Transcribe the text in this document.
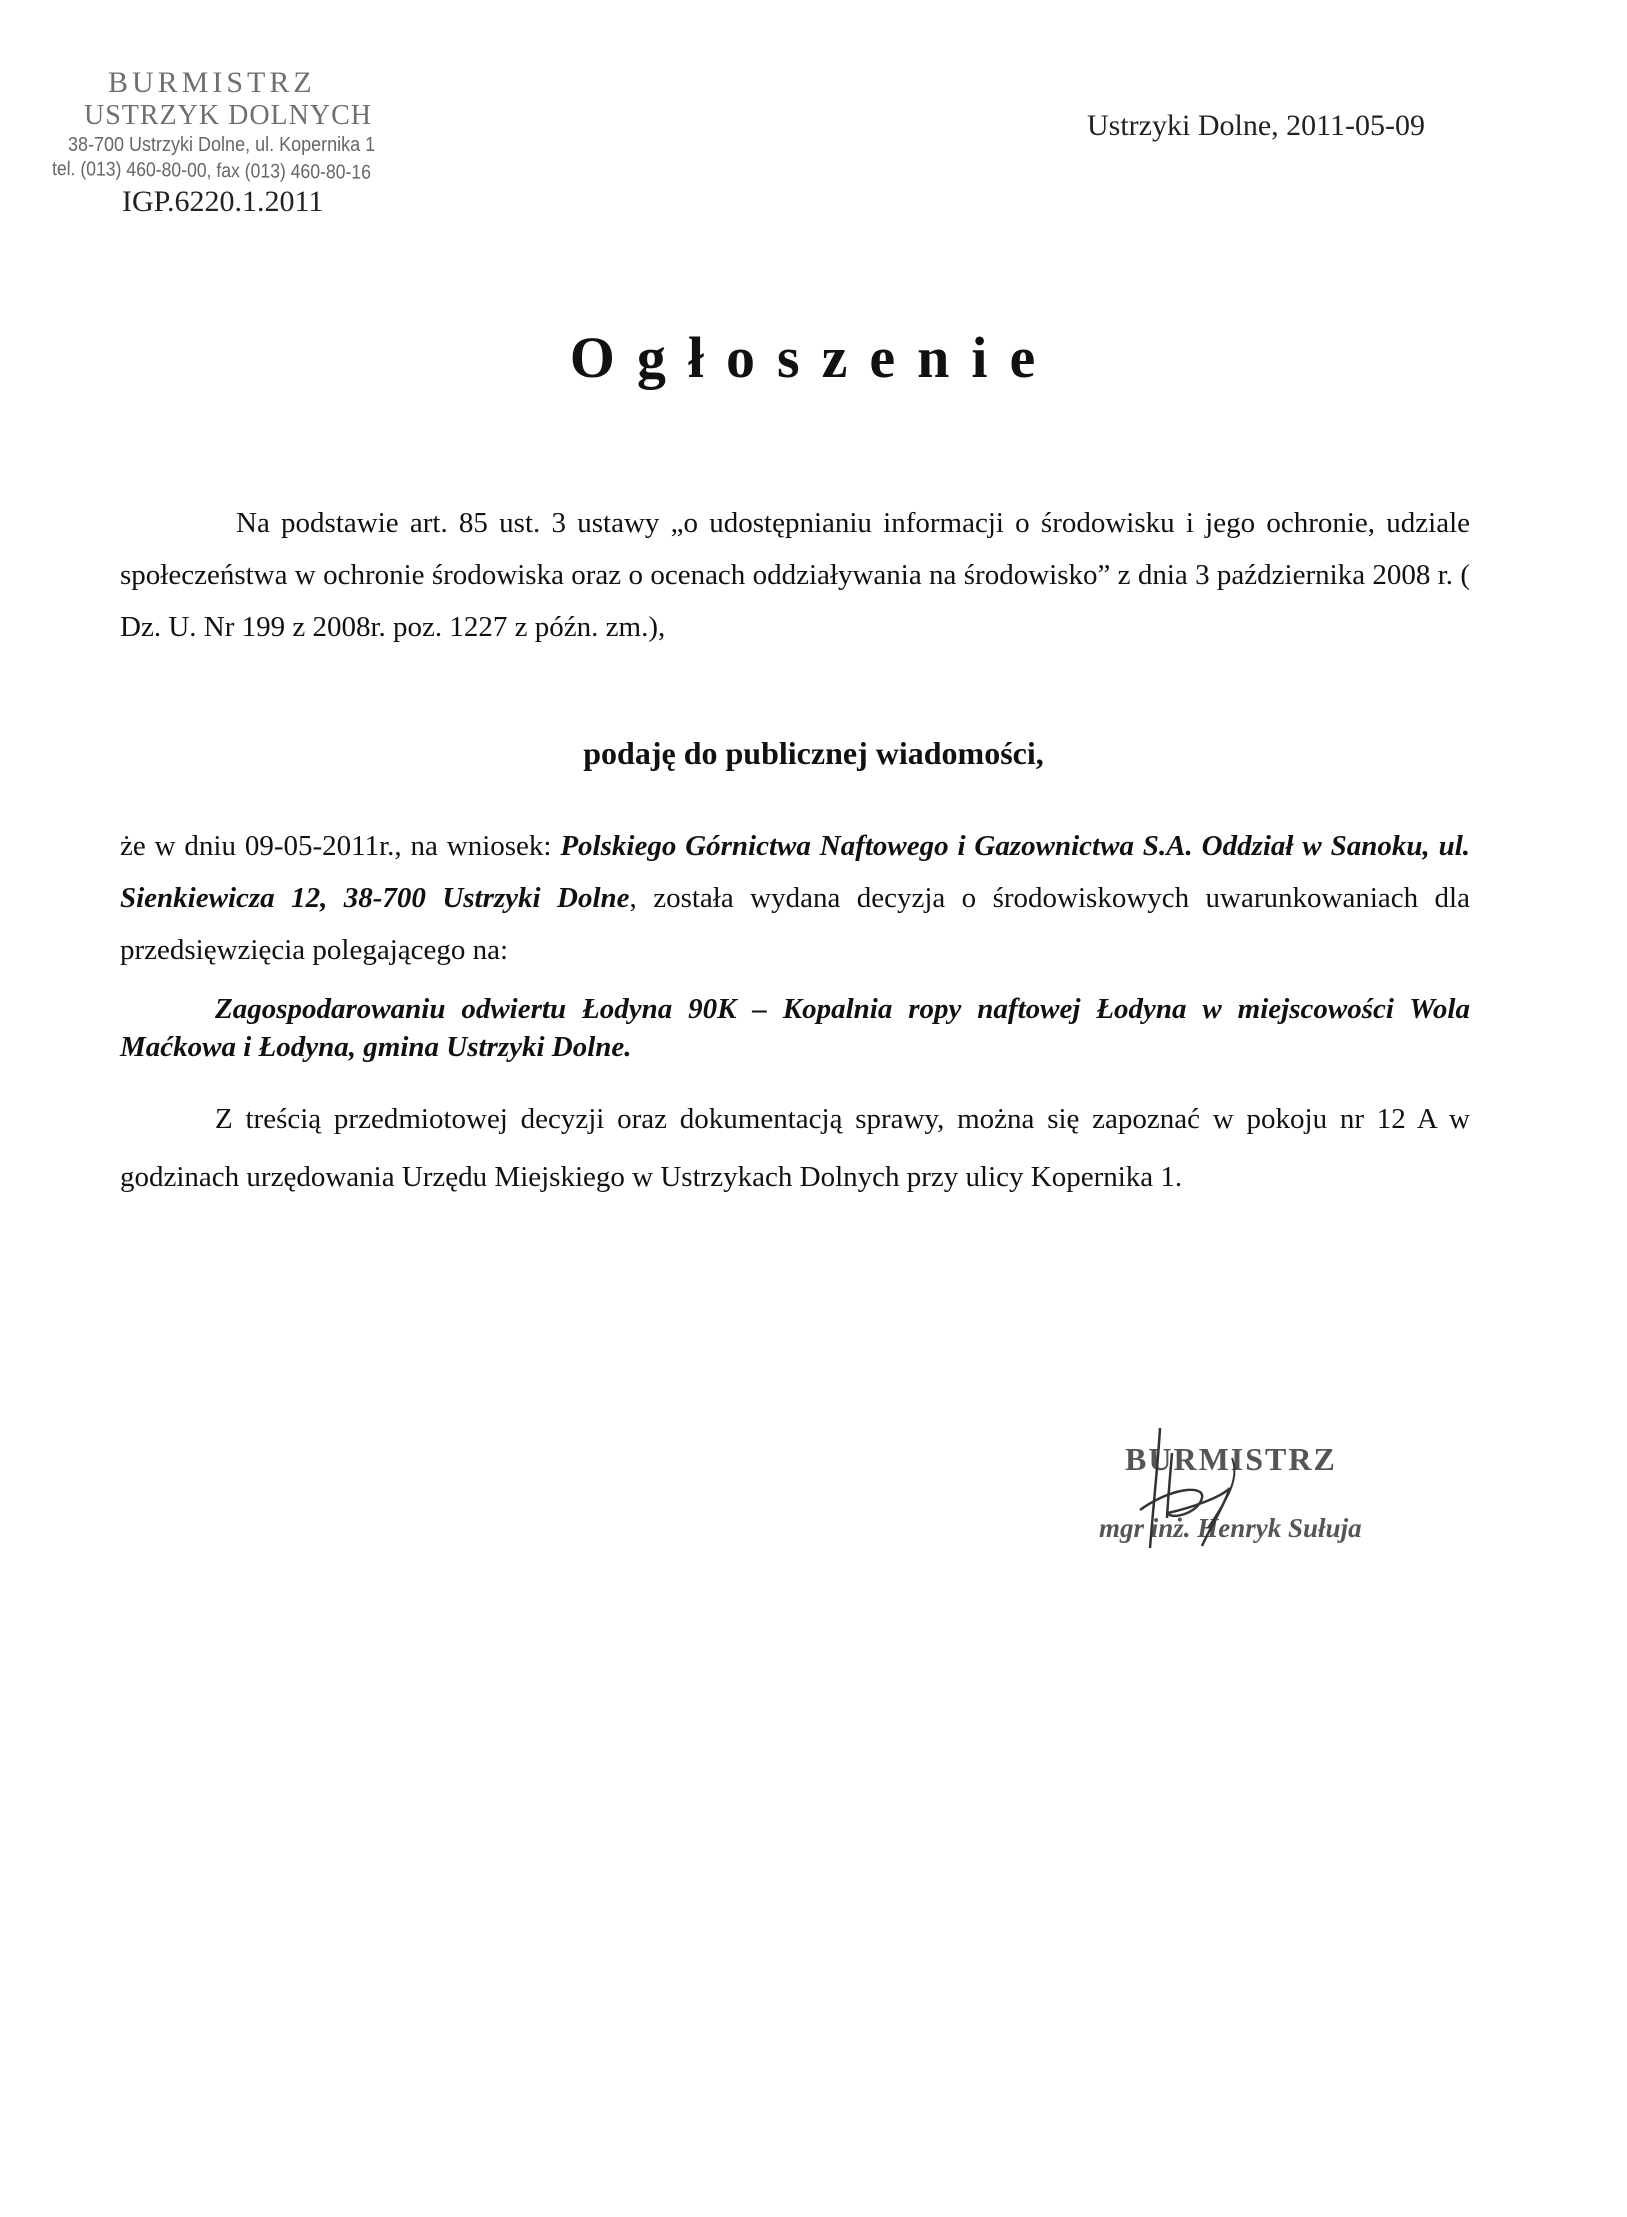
BURMISTRZ
USTRZYK DOLNYCH
38-700 Ustrzyki Dolne, ul. Kopernika 1
tel. (013) 460-80-00, fax (013) 460-80-16
IGP.6220.1.2011
Ustrzyki Dolne, 2011-05-09
Ogłoszenie
Na podstawie art. 85 ust. 3 ustawy „o udostępnianiu informacji o środowisku i jego ochronie, udziale społeczeństwa w ochronie środowiska oraz o ocenach oddziaływania na środowisko” z dnia 3 października 2008 r. ( Dz. U. Nr 199 z 2008r. poz. 1227 z późn. zm.),
podaję do publicznej wiadomości,
że w dniu 09-05-2011r., na wniosek: Polskiego Górnictwa Naftowego i Gazownictwa S.A. Oddział w Sanoku, ul. Sienkiewicza 12, 38-700 Ustrzyki Dolne, została wydana decyzja o środowiskowych uwarunkowaniach dla przedsięwzięcia polegającego na:
Zagospodarowaniu odwiertu Łodyna 90K – Kopalnia ropy naftowej Łodyna w miejscowości Wola Maćkowa i Łodyna, gmina Ustrzyki Dolne.
Z treścią przedmiotowej decyzji oraz dokumentacją sprawy, można się zapoznać w pokoju nr 12 A w godzinach urzędowania Urzędu Miejskiego w Ustrzykach Dolnych przy ulicy Kopernika 1.
BURMISTRZ
mgr inż. Henryk Sułuja
